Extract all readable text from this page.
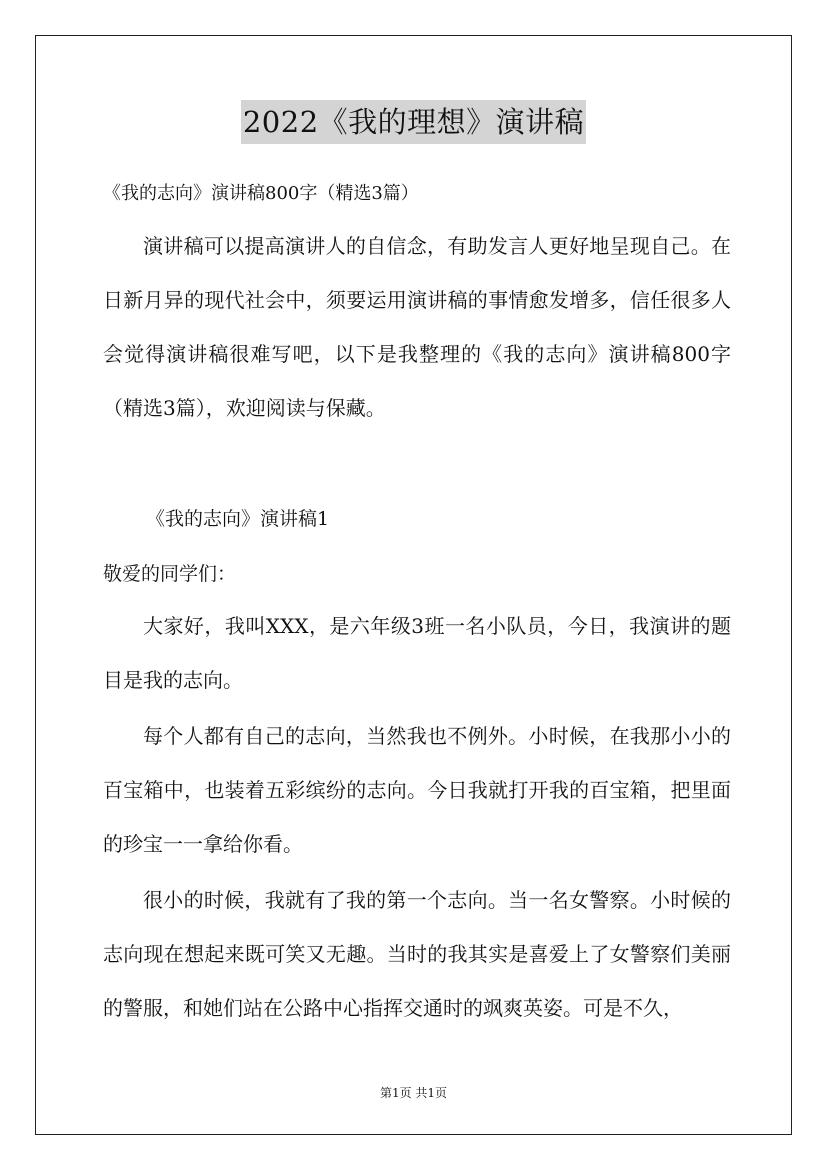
2022《我的理想》演讲稿
《我的志向》演讲稿800字（精选3篇）

演讲稿可以提高演讲人的自信念，有助发言人更好地呈现自己。在日新月异的现代社会中，须要运用演讲稿的事情愈发增多，信任很多人会觉得演讲稿很难写吧，以下是我整理的《我的志向》演讲稿800字（精选3篇），欢迎阅读与保藏。

《我的志向》演讲稿1
敬爱的同学们：

大家好，我叫XXX，是六年级3班一名小队员，今日，我演讲的题目是我的志向。

每个人都有自己的志向，当然我也不例外。小时候，在我那小小的百宝箱中，也装着五彩缤纷的志向。今日我就打开我的百宝箱，把里面的珍宝一一拿给你看。

很小的时候，我就有了我的第一个志向。当一名女警察。小时候的志向现在想起来既可笑又无趣。当时的我其实是喜爱上了女警察们美丽的警服，和她们站在公路中心指挥交通时的飒爽英姿。可是不久，

第1页 共1页
